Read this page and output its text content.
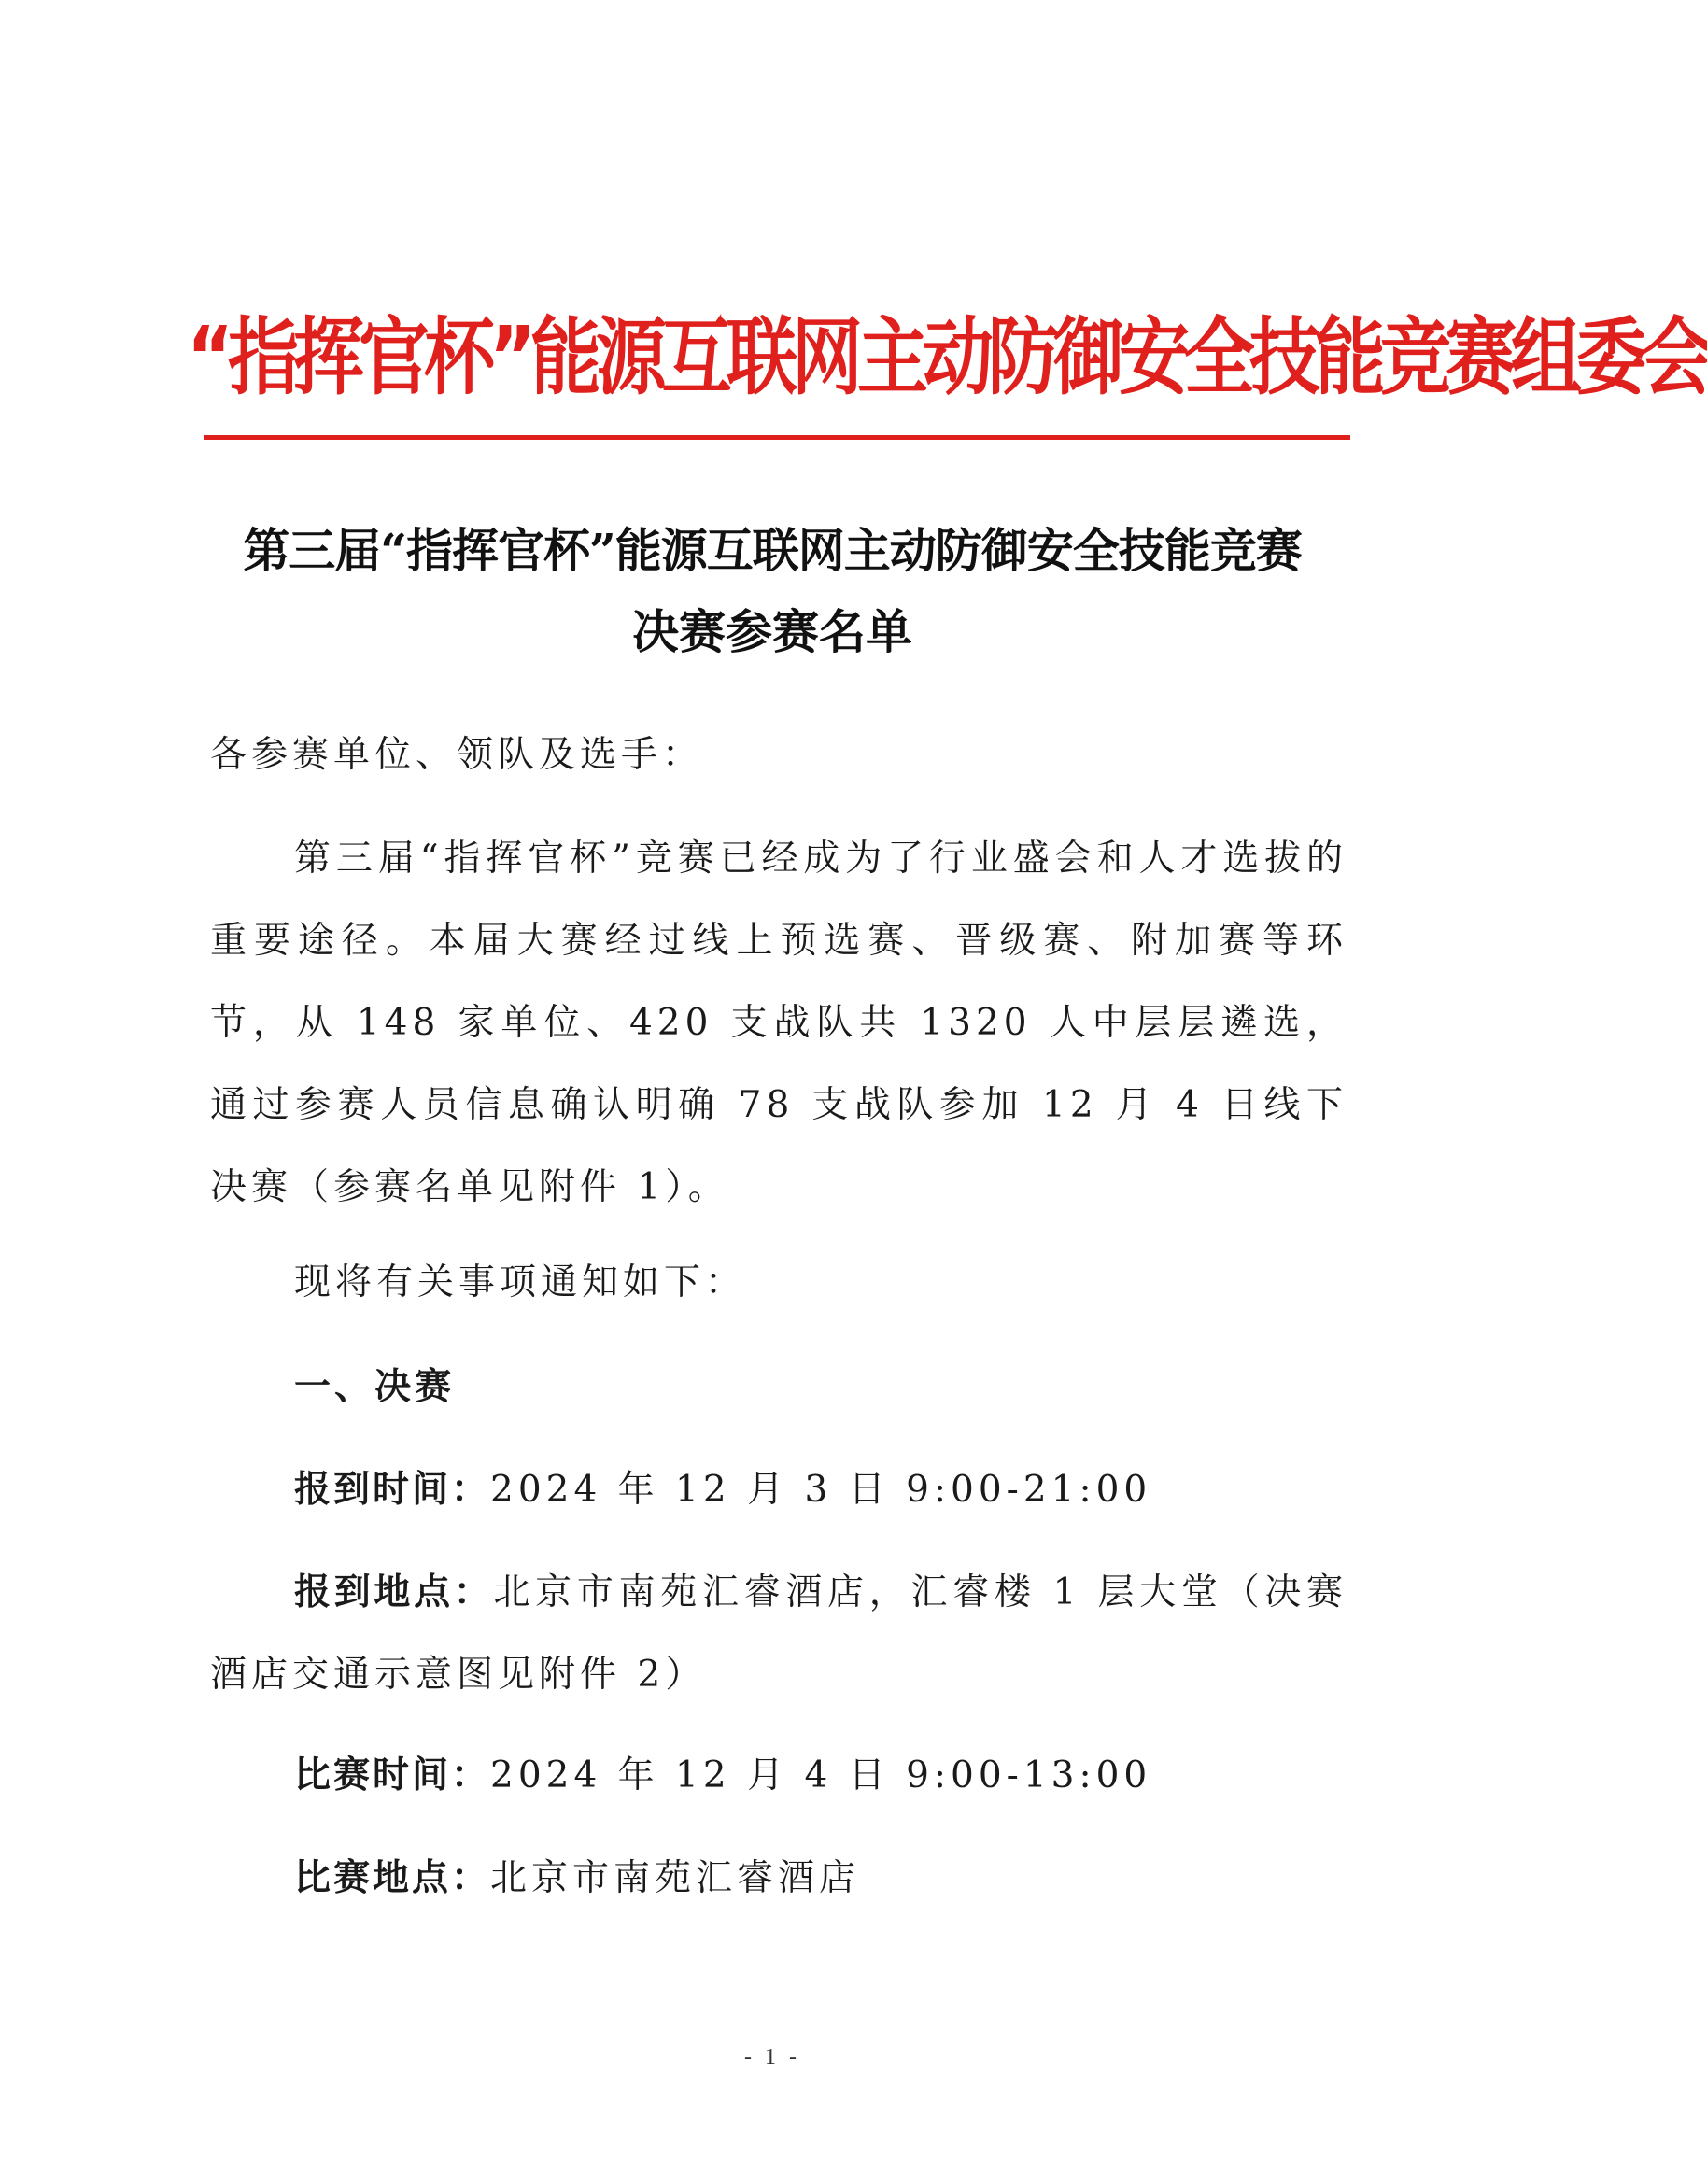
“指挥官杯”能源互联网主动防御安全技能竞赛组委会
第三届“指挥官杯”能源互联网主动防御安全技能竞赛
决赛参赛名单
各参赛单位、领队及选手：
第三届“指挥官杯”竞赛已经成为了行业盛会和人才选拔的重要途径。本届大赛经过线上预选赛、晋级赛、附加赛等环节，从 148 家单位、420 支战队共 1320 人中层层遴选，通过参赛人员信息确认明确 78 支战队参加 12 月 4 日线下决赛（参赛名单见附件 1）。
现将有关事项通知如下：
一、决赛
报到时间：2024 年 12 月 3 日 9:00-21:00
报到地点：北京市南苑汇睿酒店，汇睿楼 1 层大堂（决赛酒店交通示意图见附件 2）
比赛时间：2024 年 12 月 4 日 9:00-13:00
比赛地点：北京市南苑汇睿酒店
- 1 -
